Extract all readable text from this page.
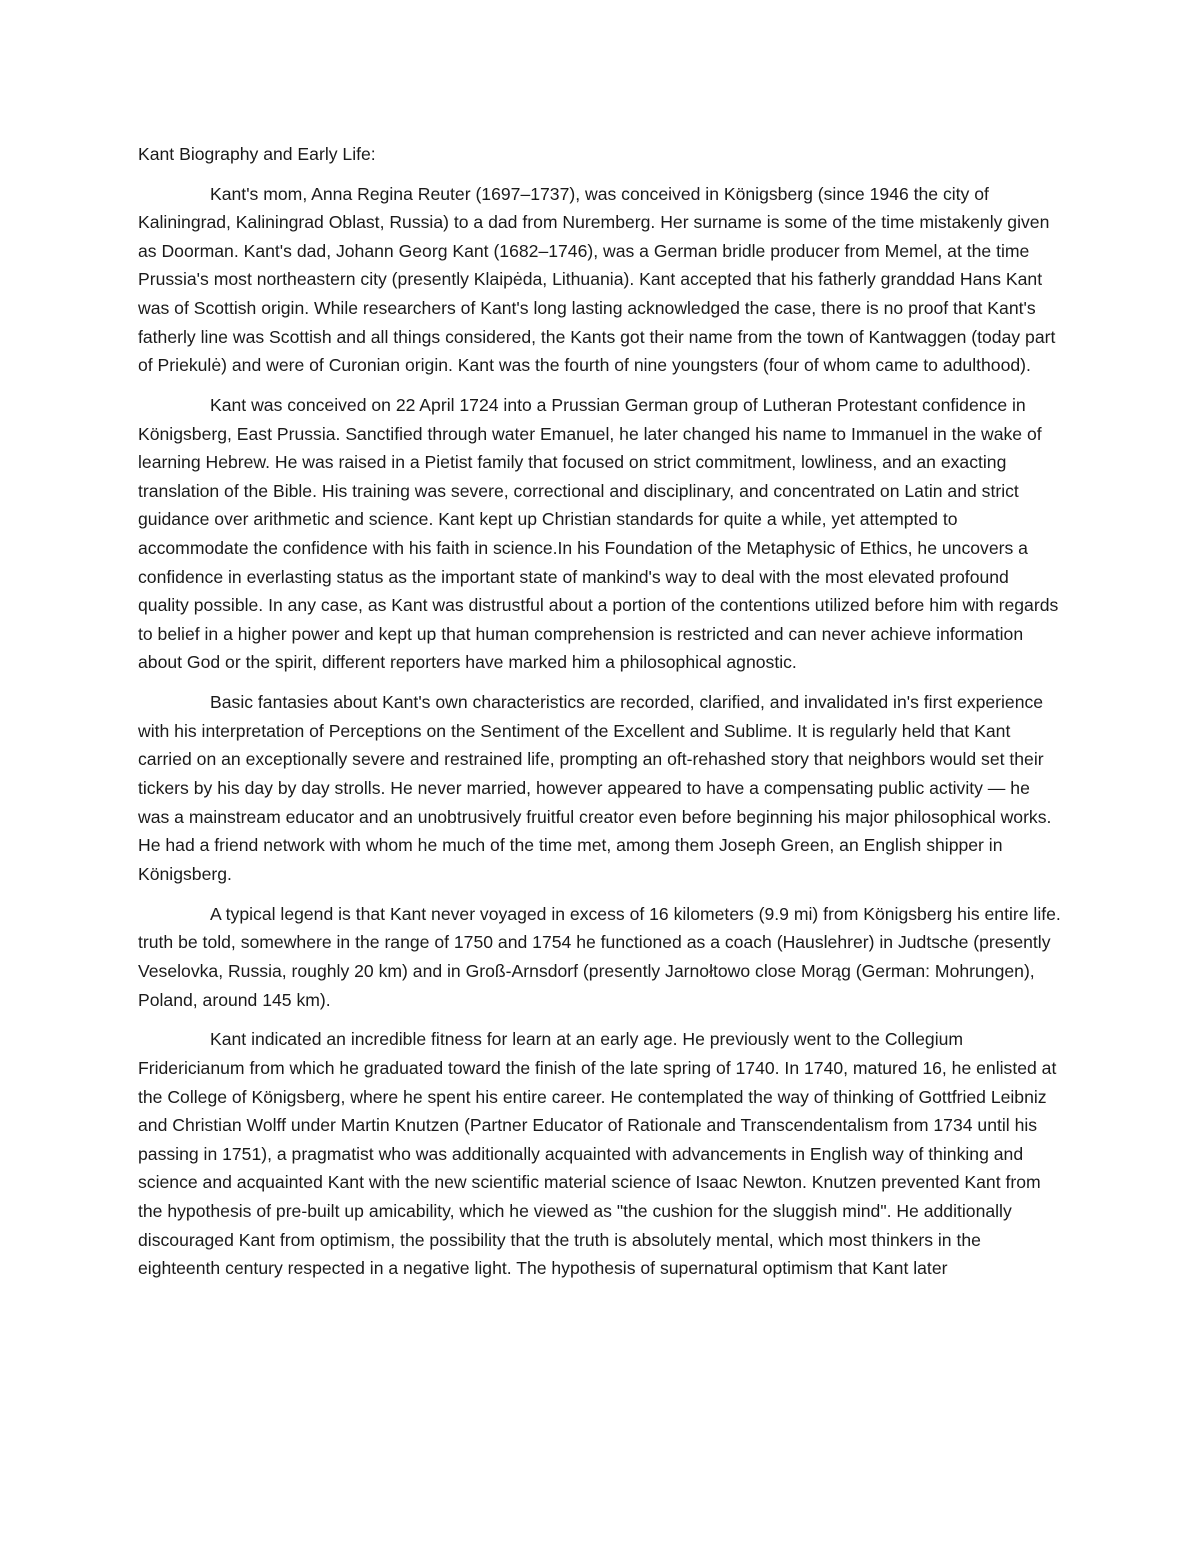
Kant Biography and Early Life:

Kant's mom, Anna Regina Reuter (1697–1737), was conceived in Königsberg (since 1946 the city of Kaliningrad, Kaliningrad Oblast, Russia) to a dad from Nuremberg. Her surname is some of the time mistakenly given as Doorman. Kant's dad, Johann Georg Kant (1682–1746), was a German bridle producer from Memel, at the time Prussia's most northeastern city (presently Klaipėda, Lithuania). Kant accepted that his fatherly granddad Hans Kant was of Scottish origin. While researchers of Kant's long lasting acknowledged the case, there is no proof that Kant's fatherly line was Scottish and all things considered, the Kants got their name from the town of Kantwaggen (today part of Priekulė) and were of Curonian origin. Kant was the fourth of nine youngsters (four of whom came to adulthood).

Kant was conceived on 22 April 1724 into a Prussian German group of Lutheran Protestant confidence in Königsberg, East Prussia. Sanctified through water Emanuel, he later changed his name to Immanuel in the wake of learning Hebrew. He was raised in a Pietist family that focused on strict commitment, lowliness, and an exacting translation of the Bible. His training was severe, correctional and disciplinary, and concentrated on Latin and strict guidance over arithmetic and science. Kant kept up Christian standards for quite a while, yet attempted to accommodate the confidence with his faith in science.In his Foundation of the Metaphysic of Ethics, he uncovers a confidence in everlasting status as the important state of mankind's way to deal with the most elevated profound quality possible. In any case, as Kant was distrustful about a portion of the contentions utilized before him with regards to belief in a higher power and kept up that human comprehension is restricted and can never achieve information about God or the spirit, different reporters have marked him a philosophical agnostic.

Basic fantasies about Kant's own characteristics are recorded, clarified, and invalidated in's first experience with his interpretation of Perceptions on the Sentiment of the Excellent and Sublime. It is regularly held that Kant carried on an exceptionally severe and restrained life, prompting an oft-rehashed story that neighbors would set their tickers by his day by day strolls. He never married, however appeared to have a compensating public activity — he was a mainstream educator and an unobtrusively fruitful creator even before beginning his major philosophical works. He had a friend network with whom he much of the time met, among them Joseph Green, an English shipper in Königsberg.

A typical legend is that Kant never voyaged in excess of 16 kilometers (9.9 mi) from Königsberg his entire life. truth be told, somewhere in the range of 1750 and 1754 he functioned as a coach (Hauslehrer) in Judtsche (presently Veselovka, Russia, roughly 20 km) and in Groß-Arnsdorf (presently Jarnołtowo close Morąg (German: Mohrungen), Poland, around 145 km).

Kant indicated an incredible fitness for learn at an early age. He previously went to the Collegium Fridericianum from which he graduated toward the finish of the late spring of 1740. In 1740, matured 16, he enlisted at the College of Königsberg, where he spent his entire career. He contemplated the way of thinking of Gottfried Leibniz and Christian Wolff under Martin Knutzen (Partner Educator of Rationale and Transcendentalism from 1734 until his passing in 1751), a pragmatist who was additionally acquainted with advancements in English way of thinking and science and acquainted Kant with the new scientific material science of Isaac Newton. Knutzen prevented Kant from the hypothesis of pre-built up amicability, which he viewed as "the cushion for the sluggish mind". He additionally discouraged Kant from optimism, the possibility that the truth is absolutely mental, which most thinkers in the eighteenth century respected in a negative light. The hypothesis of supernatural optimism that Kant later
